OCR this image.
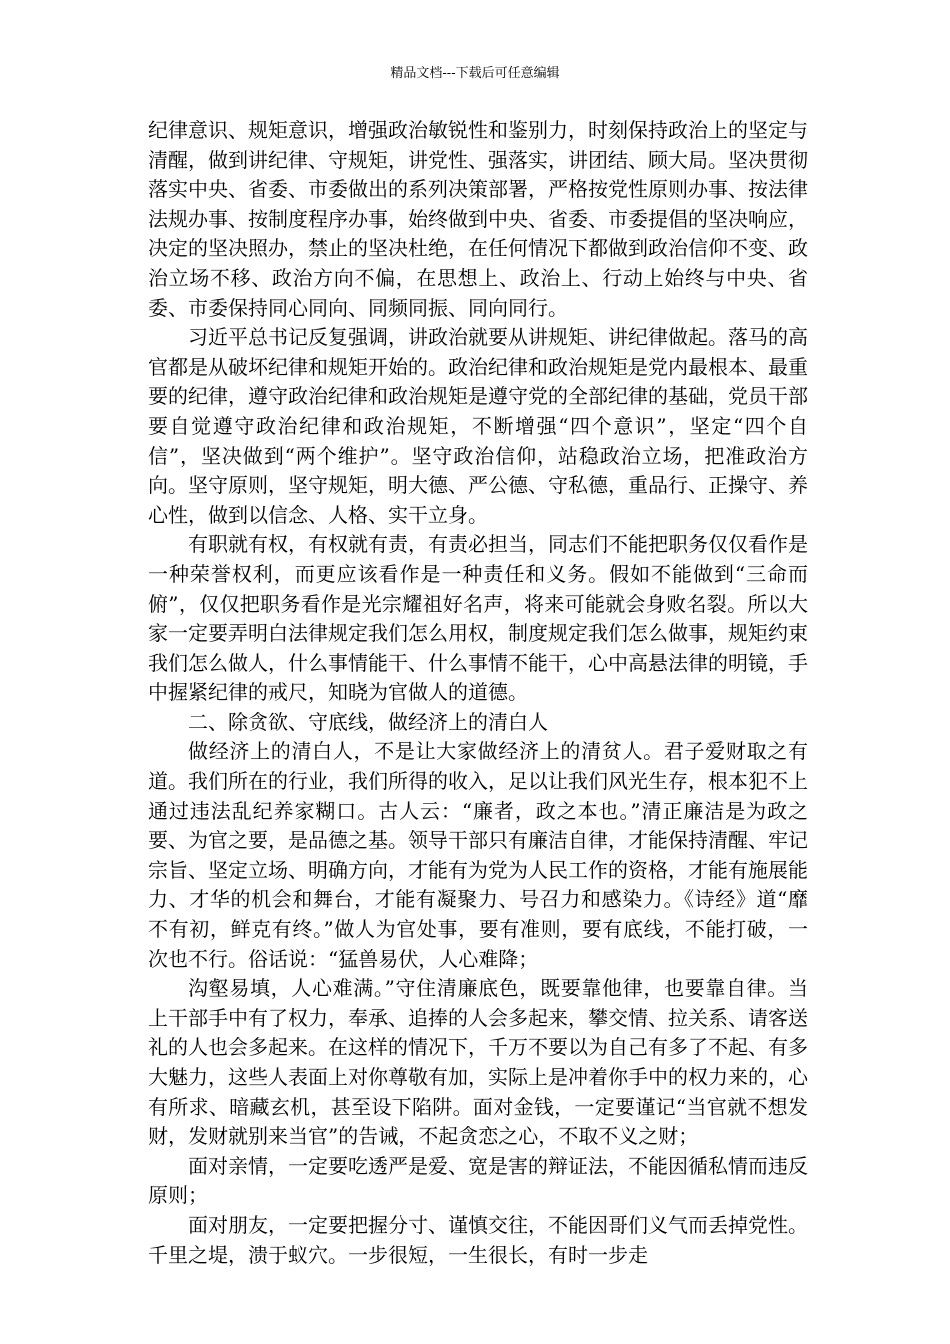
精品文档---下载后可任意编辑

纪律意识、规矩意识，增强政治敏锐性和鉴别力，时刻保持政治上的坚定与清醒，做到讲纪律、守规矩，讲党性、强落实，讲团结、顾大局。坚决贯彻落实中央、省委、市委做出的系列决策部署，严格按党性原则办事、按法律法规办事、按制度程序办事，始终做到中央、省委、市委提倡的坚决响应，决定的坚决照办，禁止的坚决杜绝，在任何情况下都做到政治信仰不变、政治立场不移、政治方向不偏，在思想上、政治上、行动上始终与中央、省委、市委保持同心同向、同频同振、同向同行。

习近平总书记反复强调，讲政治就要从讲规矩、讲纪律做起。落马的高官都是从破坏纪律和规矩开始的。政治纪律和政治规矩是党内最根本、最重要的纪律，遵守政治纪律和政治规矩是遵守党的全部纪律的基础，党员干部要自觉遵守政治纪律和政治规矩，不断增强“四个意识”，坚定“四个自信”，坚决做到“两个维护”。坚守政治信仰，站稳政治立场，把准政治方向。坚守原则，坚守规矩，明大德、严公德、守私德，重品行、正操守、养心性，做到以信念、人格、实干立身。

有职就有权，有权就有责，有责必担当，同志们不能把职务仅仅看作是一种荣誉权利，而更应该看作是一种责任和义务。假如不能做到“三命而俯”，仅仅把职务看作是光宗耀祖好名声，将来可能就会身败名裂。所以大家一定要弄明白法律规定我们怎么用权，制度规定我们怎么做事，规矩约束我们怎么做人，什么事情能干、什么事情不能干，心中高悬法律的明镜，手中握紧纪律的戒尺，知晓为官做人的道德。

二、除贪欲、守底线，做经济上的清白人

做经济上的清白人，不是让大家做经济上的清贫人。君子爱财取之有道。我们所在的行业，我们所得的收入，足以让我们风光生存，根本犯不上通过违法乱纪养家糊口。古人云：“廉者，政之本也。”清正廉洁是为政之要、为官之要，是品德之基。领导干部只有廉洁自律，才能保持清醒、牢记宗旨、坚定立场、明确方向，才能有为党为人民工作的资格，才能有施展能力、才华的机会和舞台，才能有凝聚力、号召力和感染力。《诗经》道“靡不有初，鲜克有终。”做人为官处事，要有准则，要有底线，不能打破，一次也不行。俗话说：“猛兽易伏，人心难降；

沟壑易填，人心难满。”守住清廉底色，既要靠他律，也要靠自律。当上干部手中有了权力，奉承、追捧的人会多起来，攀交情、拉关系、请客送礼的人也会多起来。在这样的情况下，千万不要以为自己有多了不起、有多大魅力，这些人表面上对你尊敬有加，实际上是冲着你手中的权力来的，心有所求、暗藏玄机，甚至设下陷阱。面对金钱，一定要谨记“当官就不想发财，发财就别来当官”的告诫，不起贪恋之心，不取不义之财；

面对亲情，一定要吃透严是爱、宽是害的辩证法，不能因循私情而违反原则；

面对朋友，一定要把握分寸、谨慎交往，不能因哥们义气而丢掉党性。千里之堤，溃于蚁穴。一步很短，一生很长，有时一步走
